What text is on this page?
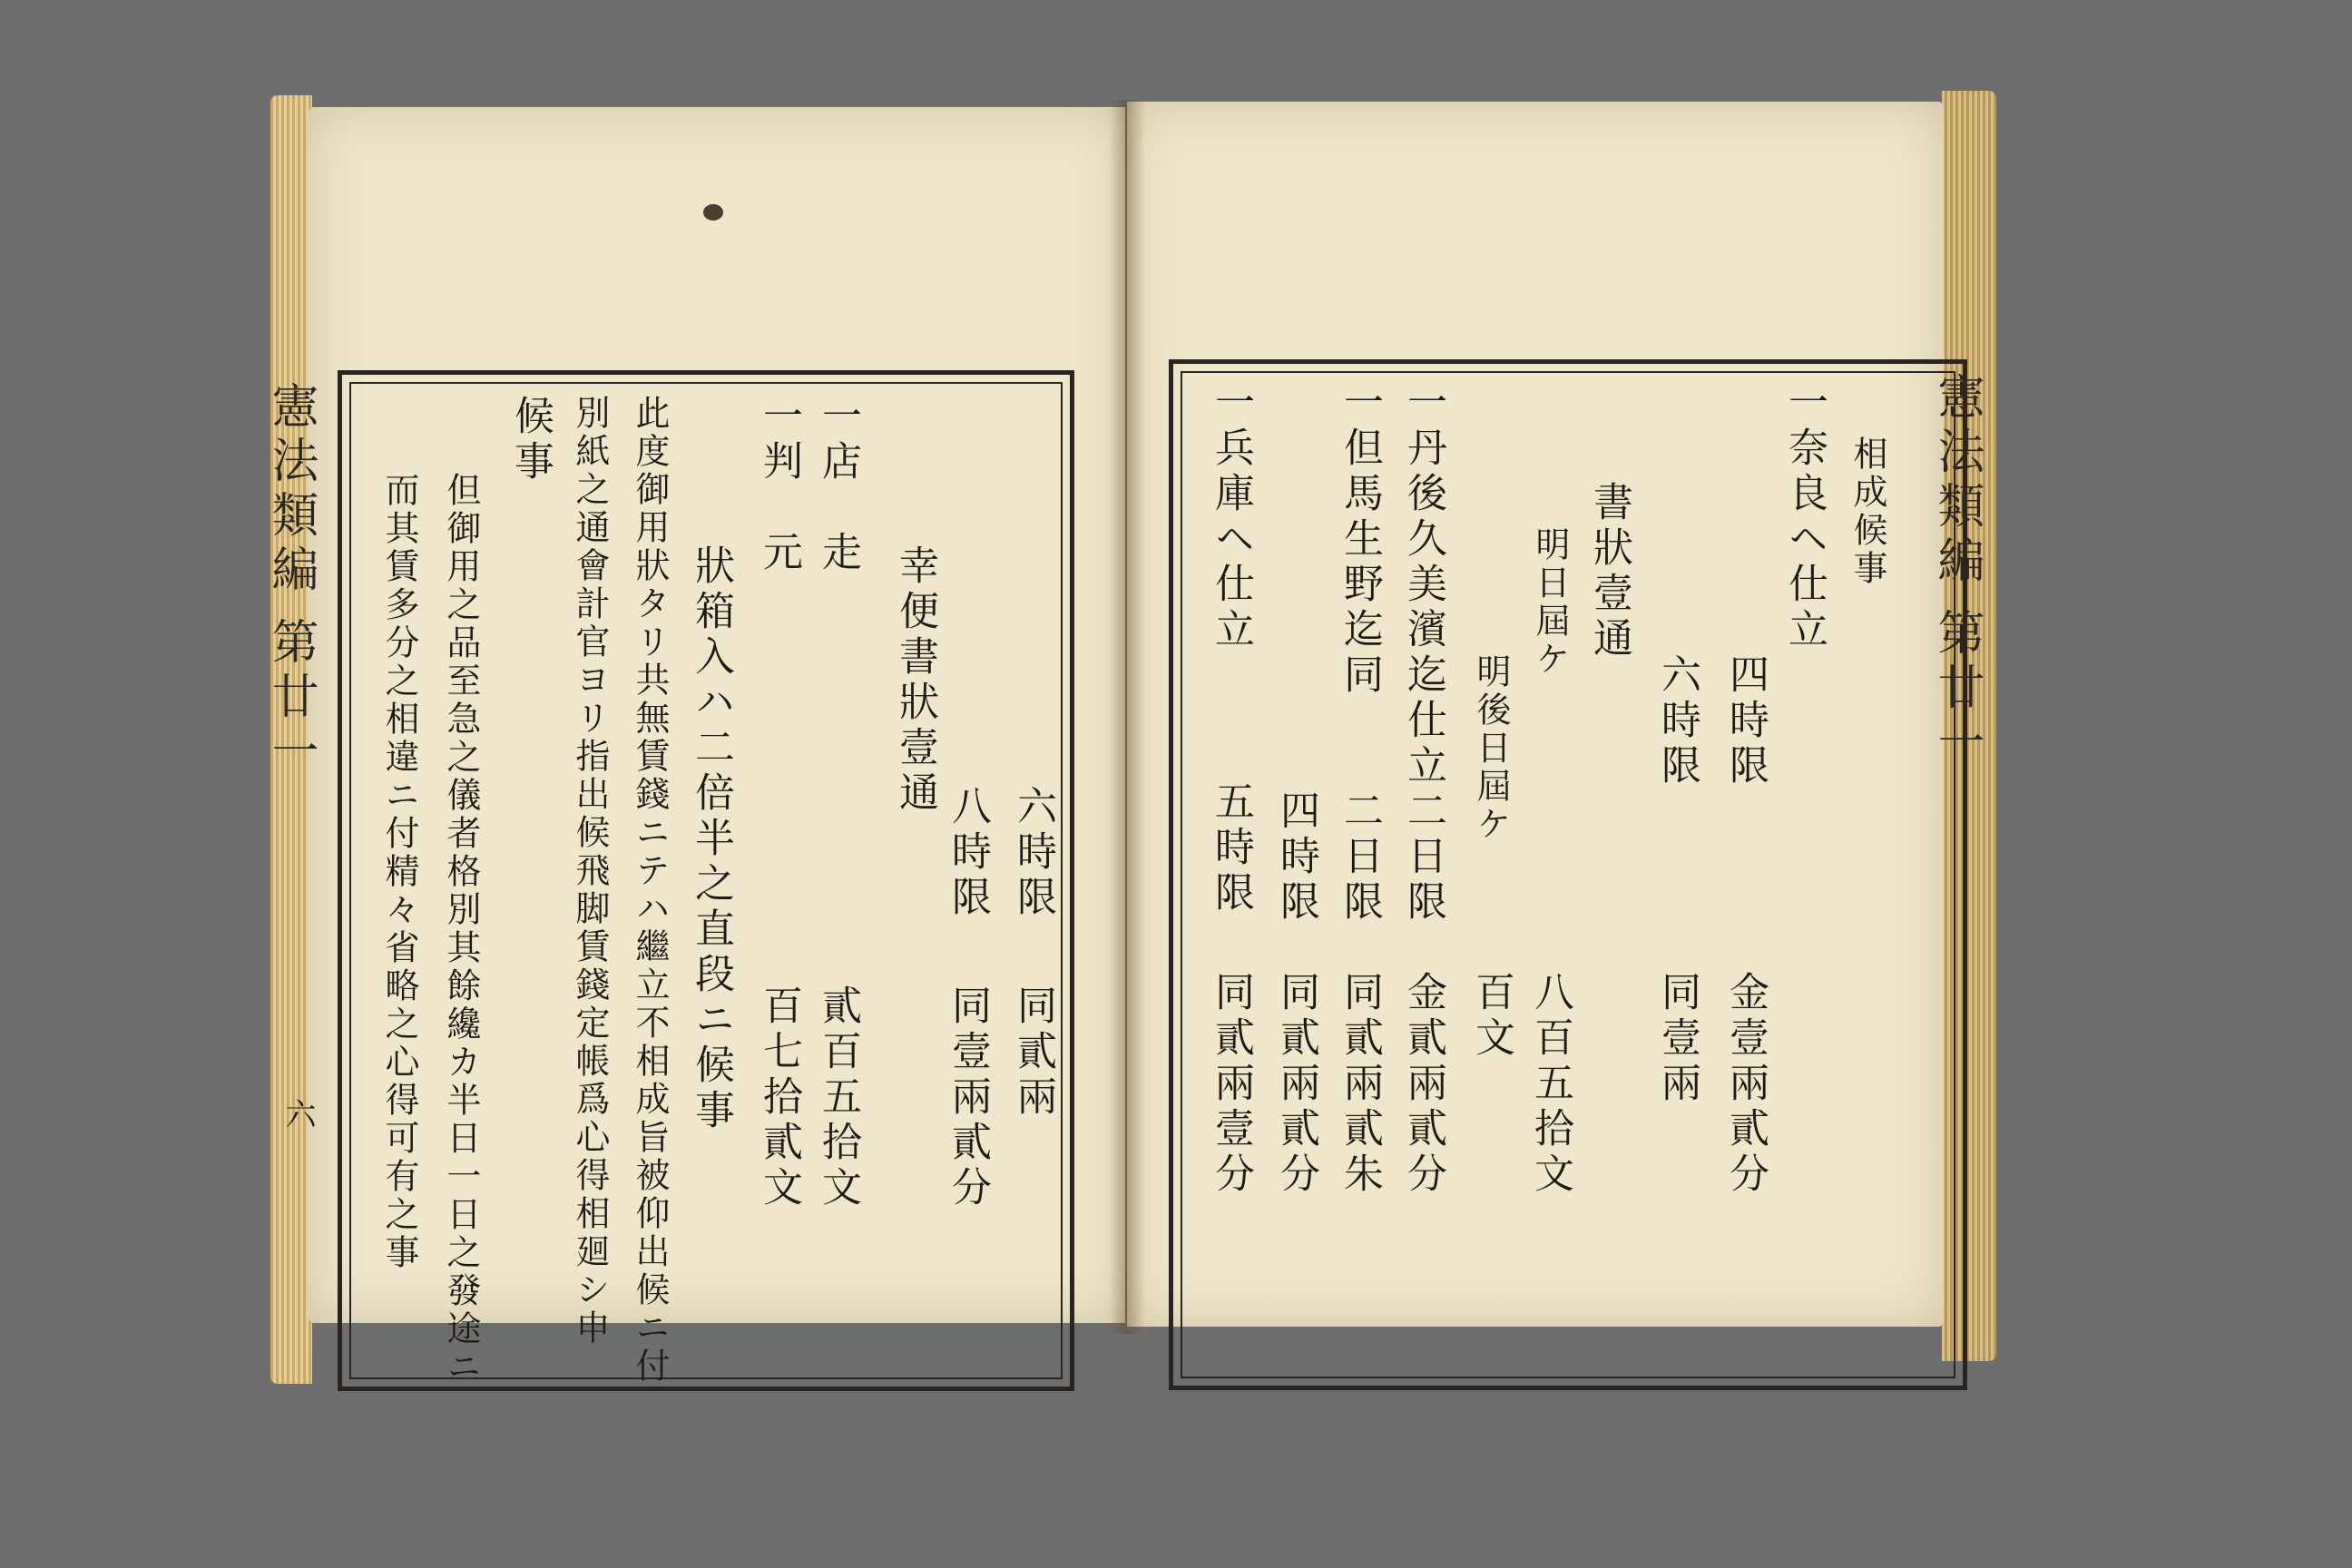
憲法類編
第廿一
六
幸便書狀壹通
六時限
同貳兩
八時限
同壹兩貳分
一店　走
貳百五拾文
一判　元
百七拾貳文
狀箱入ハ二倍半之直段ニ候事
此度御用狀タリ共無賃錢ニテハ繼立不相成旨被仰出候ニ付
別紙之通會計官ヨリ指出候飛脚賃錢定帳爲心得相廻シ申
候事
但御用之品至急之儀者格別其餘纔カ半日一日之發途ニ
而其賃多分之相違ニ付精々省略之心得可有之事	憲法類編
第廿一
相成候事
一奈良ヘ仕立
四時限
金壹兩貳分
六時限
同壹兩
書狀壹通
明日屆ケ
明後日屆ケ
一丹後久美濱迄仕立
二日限
八百五拾文
百文
金貳兩貳分
一但馬生野迄同
二日限
同貳兩貳朱
四時限
同貳兩貳分
一兵庫ヘ仕立
五時限
同貳兩壹分
